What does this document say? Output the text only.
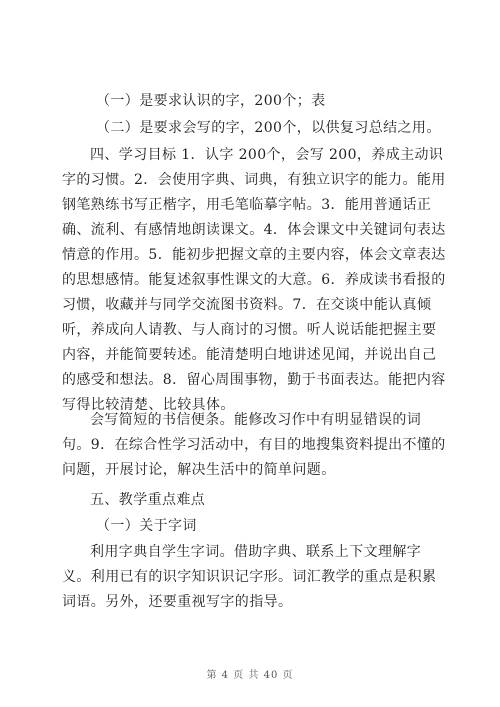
（一）是要求认识的字，200个；表

（二）是要求会写的字，200个，以供复习总结之用。

四、学习目标 1．认字 200个，会写 200，养成主动识字的习惯。2．会使用字典、词典，有独立识字的能力。能用钢笔熟练书写正楷字，用毛笔临摹字帖。3．能用普通话正确、流利、有感情地朗读课文。4．体会课文中关键词句表达情意的作用。5．能初步把握文章的主要内容，体会文章表达的思想感情。能复述叙事性课文的大意。6．养成读书看报的习惯，收藏并与同学交流图书资料。7．在交谈中能认真倾听，养成向人请教、与人商讨的习惯。听人说话能把握主要内容，并能简要转述。能清楚明白地讲述见闻，并说出自己的感受和想法。8．留心周围事物，勤于书面表达。能把内容写得比较清楚、比较具体。

会写简短的书信便条。能修改习作中有明显错误的词句。9．在综合性学习活动中，有目的地搜集资料提出不懂的问题，开展讨论，解决生活中的简单问题。

五、教学重点难点

（一）关于字词

利用字典自学生字词。借助字典、联系上下文理解字义。利用已有的识字知识识记字形。词汇教学的重点是积累词语。另外，还要重视写字的指导。

第 4 页 共 40 页
